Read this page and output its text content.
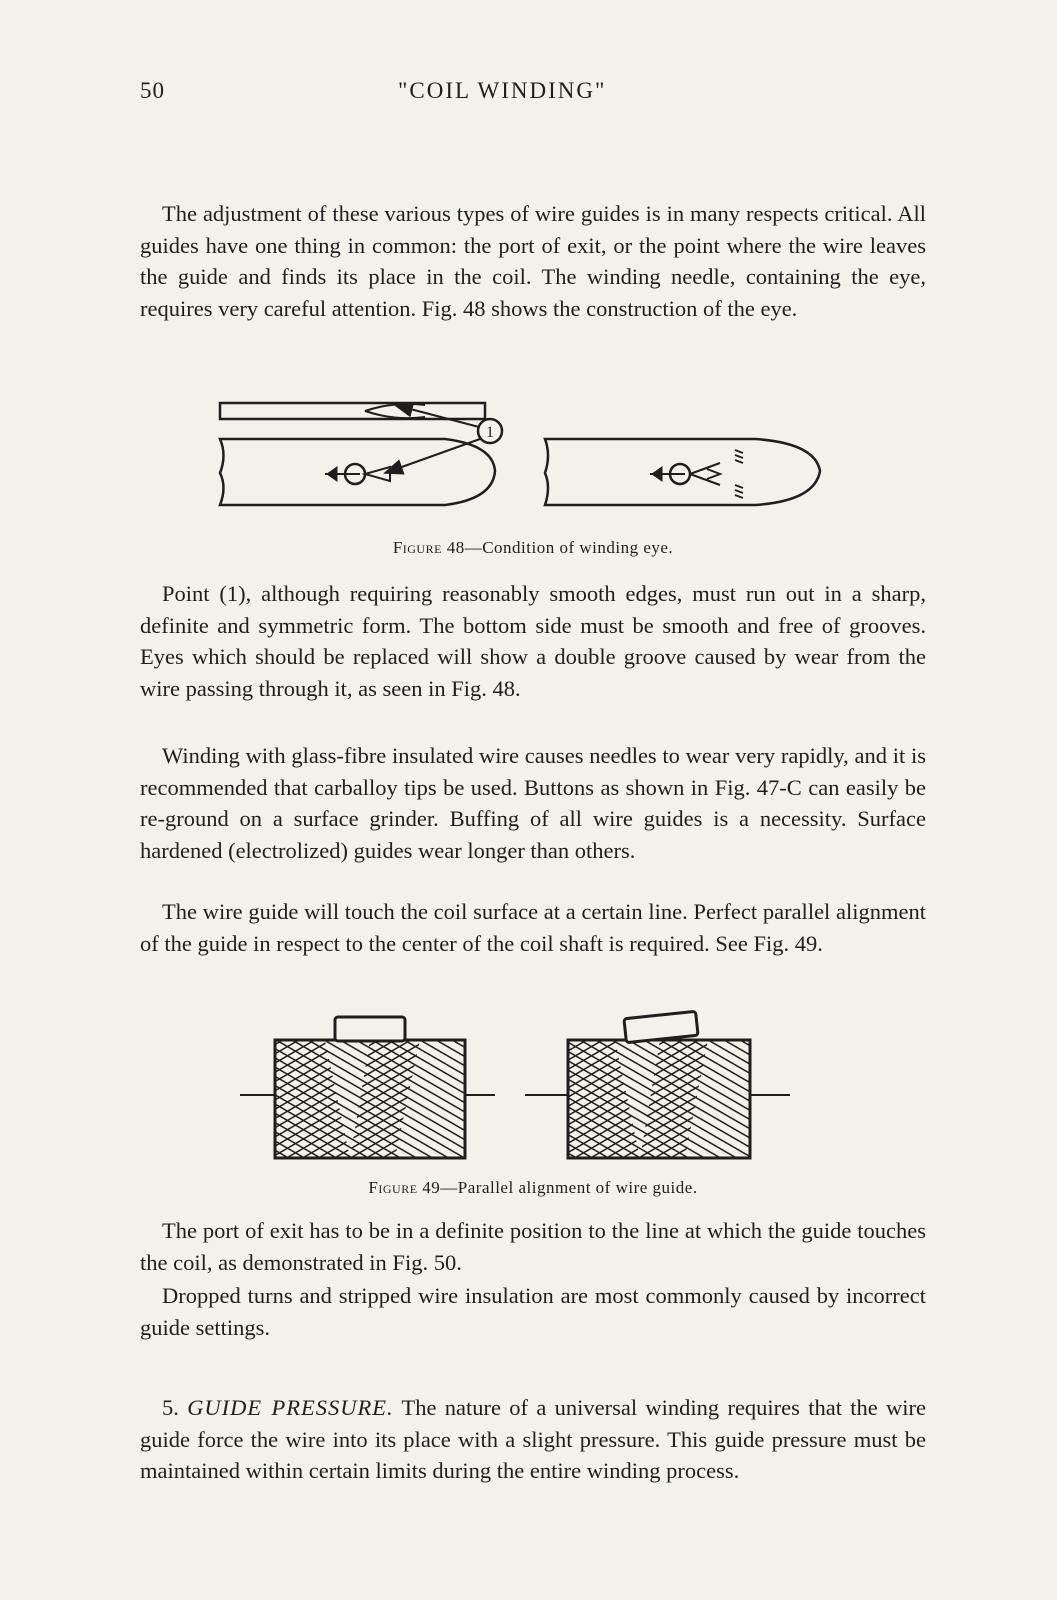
50	"COIL WINDING"

The adjustment of these various types of wire guides is in many respects critical. All guides have one thing in common: the port of exit, or the point where the wire leaves the guide and finds its place in the coil. The winding needle, containing the eye, requires very careful attention. Fig. 48 shows the construction of the eye.

1
Figure 48—Condition of winding eye.

Point (1), although requiring reasonably smooth edges, must run out in a sharp, definite and symmetric form. The bottom side must be smooth and free of grooves. Eyes which should be replaced will show a double groove caused by wear from the wire passing through it, as seen in Fig. 48.

Winding with glass-fibre insulated wire causes needles to wear very rapidly, and it is recommended that carballoy tips be used. Buttons as shown in Fig. 47-C can easily be re-ground on a surface grinder. Buffing of all wire guides is a necessity. Surface hardened (electrolized) guides wear longer than others.

The wire guide will touch the coil surface at a certain line. Perfect parallel alignment of the guide in respect to the center of the coil shaft is required. See Fig. 49.

Figure 49—Parallel alignment of wire guide.

The port of exit has to be in a definite position to the line at which the guide touches the coil, as demonstrated in Fig. 50.

Dropped turns and stripped wire insulation are most commonly caused by incorrect guide settings.

5. GUIDE PRESSURE. The nature of a universal winding requires that the wire guide force the wire into its place with a slight pressure. This guide pressure must be maintained within certain limits during the entire winding process.
